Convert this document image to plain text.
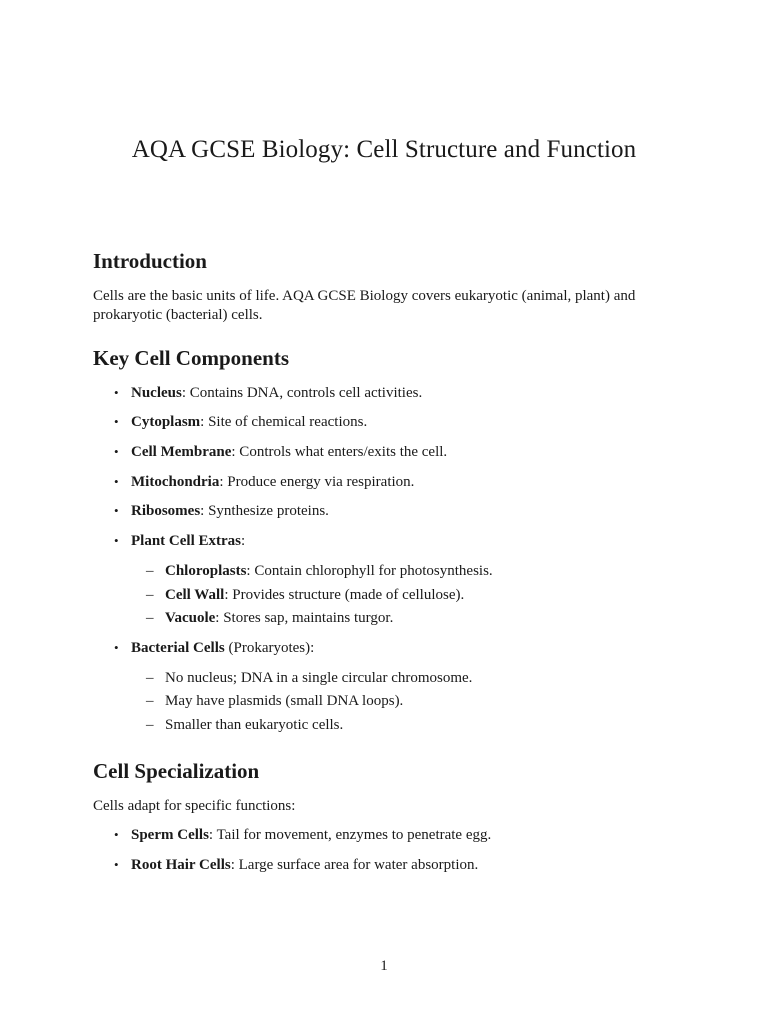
AQA GCSE Biology: Cell Structure and Function
Introduction

Cells are the basic units of life. AQA GCSE Biology covers eukaryotic (animal, plant) and prokaryotic (bacterial) cells.

Key Cell Components
• Nucleus: Contains DNA, controls cell activities.
• Cytoplasm: Site of chemical reactions.
• Cell Membrane: Controls what enters/exits the cell.
• Mitochondria: Produce energy via respiration.
• Ribosomes: Synthesize proteins.
• Plant Cell Extras:
– Chloroplasts: Contain chlorophyll for photosynthesis.
– Cell Wall: Provides structure (made of cellulose).
– Vacuole: Stores sap, maintains turgor.
• Bacterial Cells (Prokaryotes):
– No nucleus; DNA in a single circular chromosome.
– May have plasmids (small DNA loops).
– Smaller than eukaryotic cells.
Cell Specialization

Cells adapt for specific functions:

• Sperm Cells: Tail for movement, enzymes to penetrate egg.
• Root Hair Cells: Large surface area for water absorption.
1
